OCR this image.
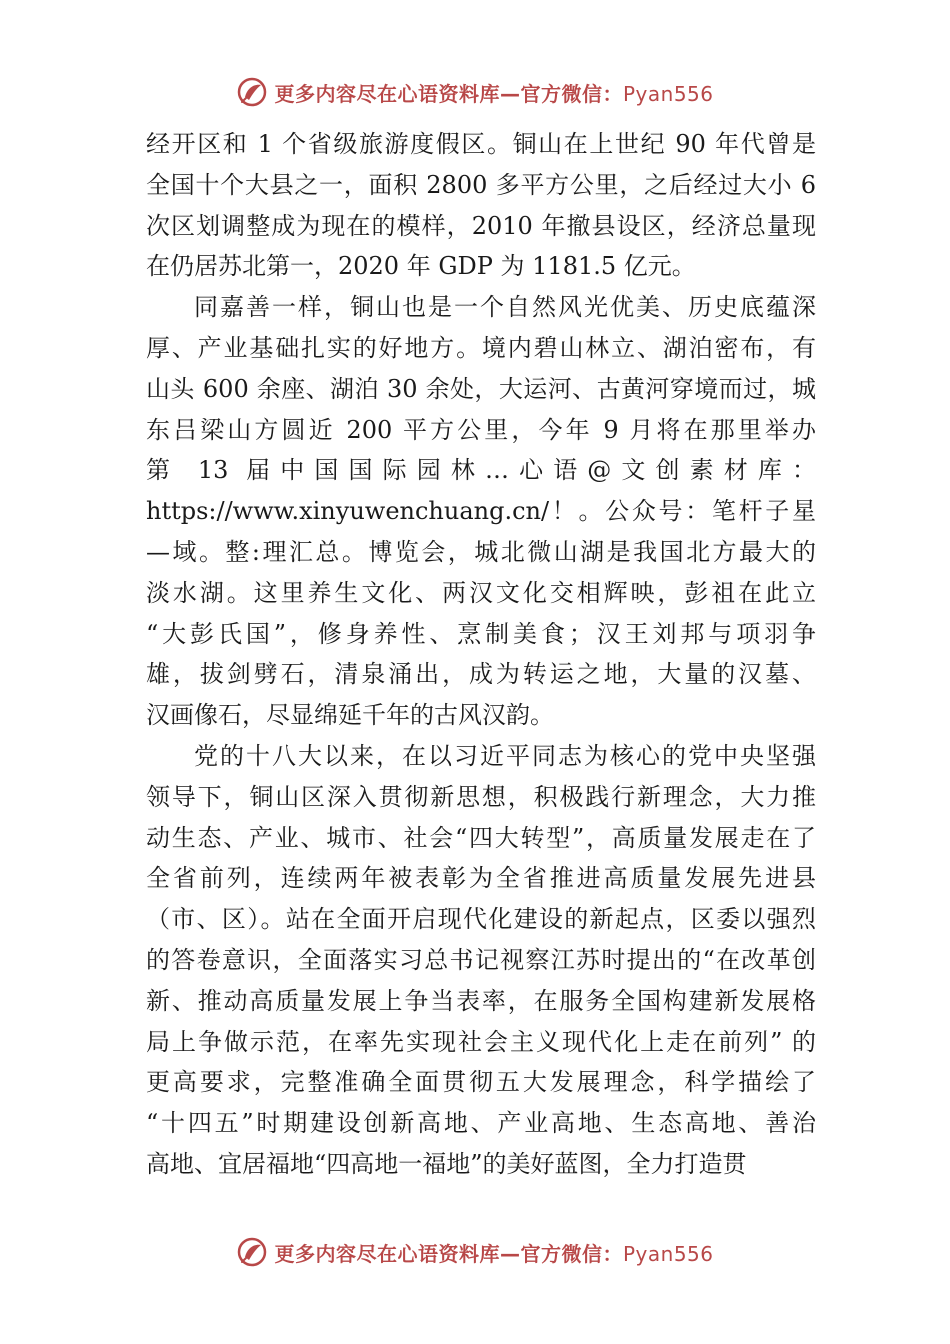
更多内容尽在心语资料库—官方微信：Pyan556
经开区和 1 个省级旅游度假区。铜山在上世纪 90 年代曾是
全国十个大县之一，面积 2800 多平方公里，之后经过大小 6
次区划调整成为现在的模样，2010 年撤县设区，经济总量现
在仍居苏北第一，2020 年 GDP 为 1181.5 亿元。
同嘉善一样，铜山也是一个自然风光优美、历史底蕴深
厚、产业基础扎实的好地方。境内碧山林立、湖泊密布，有
山头 600 余座、湖泊 30 余处，大运河、古黄河穿境而过，城
东吕梁山方圆近 200 平方公里，今年 9 月将在那里举办
第 13 届中国国际园林…心语@文创素材库：
https://www.xinyuwenchuang.cn/！。公众号：笔杆子星
—域。整:理汇总。博览会，城北微山湖是我国北方最大的
淡水湖。这里养生文化、两汉文化交相辉映，彭祖在此立
“大彭氏国”，修身养性、烹制美食；汉王刘邦与项羽争
雄，拔剑劈石，清泉涌出，成为转运之地，大量的汉墓、
汉画像石，尽显绵延千年的古风汉韵。
党的十八大以来，在以习近平同志为核心的党中央坚强
领导下，铜山区深入贯彻新思想，积极践行新理念，大力推
动生态、产业、城市、社会“四大转型”，高质量发展走在了
全省前列，连续两年被表彰为全省推进高质量发展先进县
（市、区）。站在全面开启现代化建设的新起点，区委以强烈
的答卷意识，全面落实习总书记视察江苏时提出的“在改革创
新、推动高质量发展上争当表率，在服务全国构建新发展格
局上争做示范，在率先实现社会主义现代化上走在前列” 的
更高要求，完整准确全面贯彻五大发展理念，科学描绘了
“十四五”时期建设创新高地、产业高地、生态高地、善治
高地、宜居福地“四高地一福地”的美好蓝图，全力打造贯
更多内容尽在心语资料库—官方微信：Pyan556
